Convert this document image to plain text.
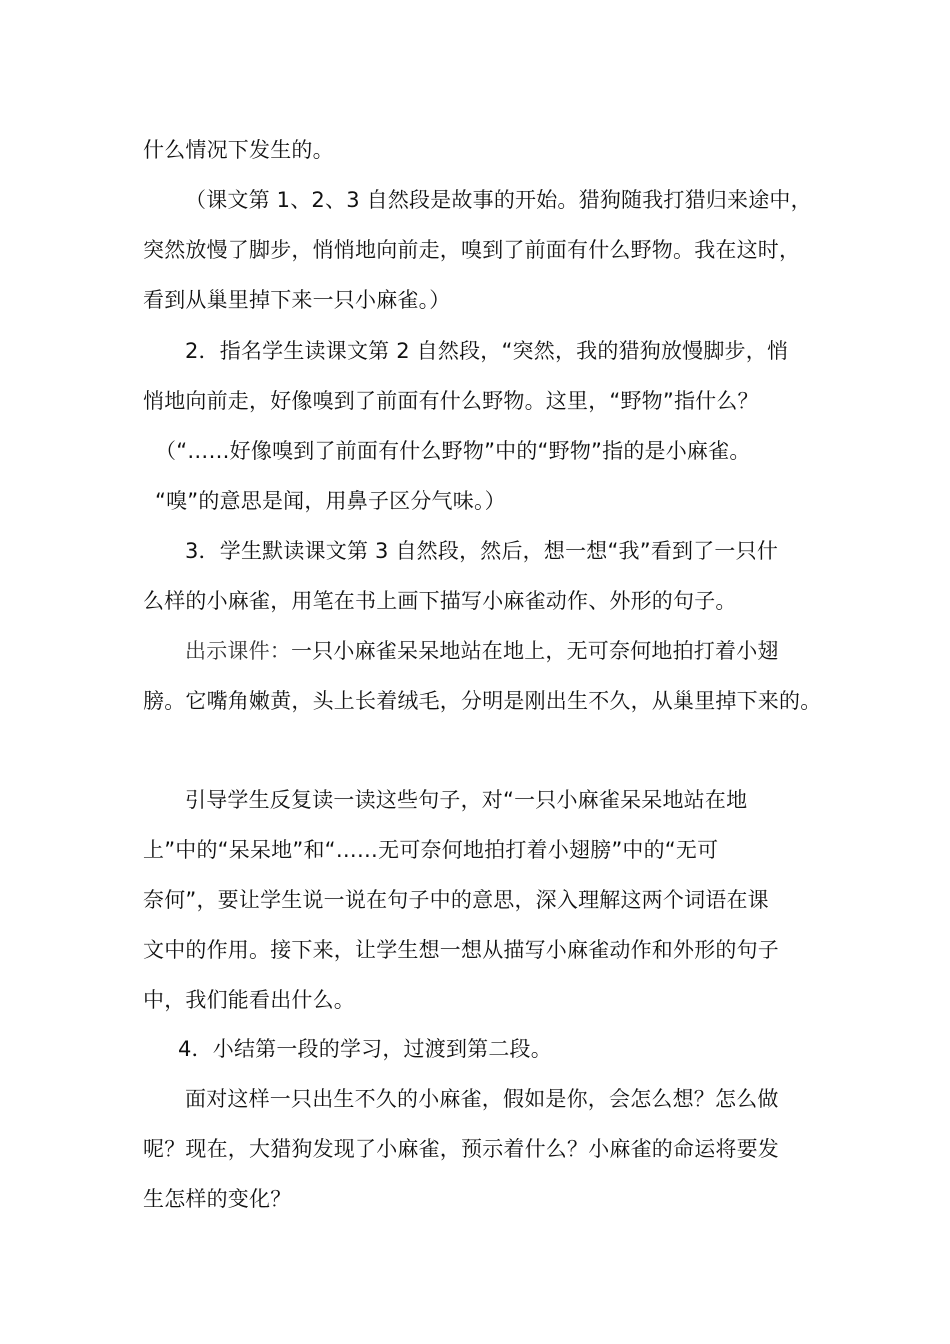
什么情况下发生的。

（课文第 1、2、3 自然段是故事的开始。猎狗随我打猎归来途中，

突然放慢了脚步，悄悄地向前走，嗅到了前面有什么野物。我在这时，

看到从巢里掉下来一只小麻雀。）

2．指名学生读课文第 2 自然段，“突然，我的猎狗放慢脚步，悄

悄地向前走，好像嗅到了前面有什么野物。这里，“野物”指什么？

（“……好像嗅到了前面有什么野物”中的“野物”指的是小麻雀。

“嗅”的意思是闻，用鼻子区分气味。）

3．学生默读课文第 3 自然段，然后，想一想“我”看到了一只什

么样的小麻雀，用笔在书上画下描写小麻雀动作、外形的句子。

出示课件：一只小麻雀呆呆地站在地上，无可奈何地拍打着小翅

膀。它嘴角嫩黄，头上长着绒毛，分明是刚出生不久，从巢里掉下来的。

引导学生反复读一读这些句子，对“一只小麻雀呆呆地站在地

上”中的“呆呆地”和“……无可奈何地拍打着小翅膀”中的“无可

奈何”，要让学生说一说在句子中的意思，深入理解这两个词语在课

文中的作用。接下来，让学生想一想从描写小麻雀动作和外形的句子

中，我们能看出什么。

4．小结第一段的学习，过渡到第二段。

面对这样一只出生不久的小麻雀，假如是你，会怎么想？怎么做

呢？现在，大猎狗发现了小麻雀，预示着什么？小麻雀的命运将要发

生怎样的变化？
